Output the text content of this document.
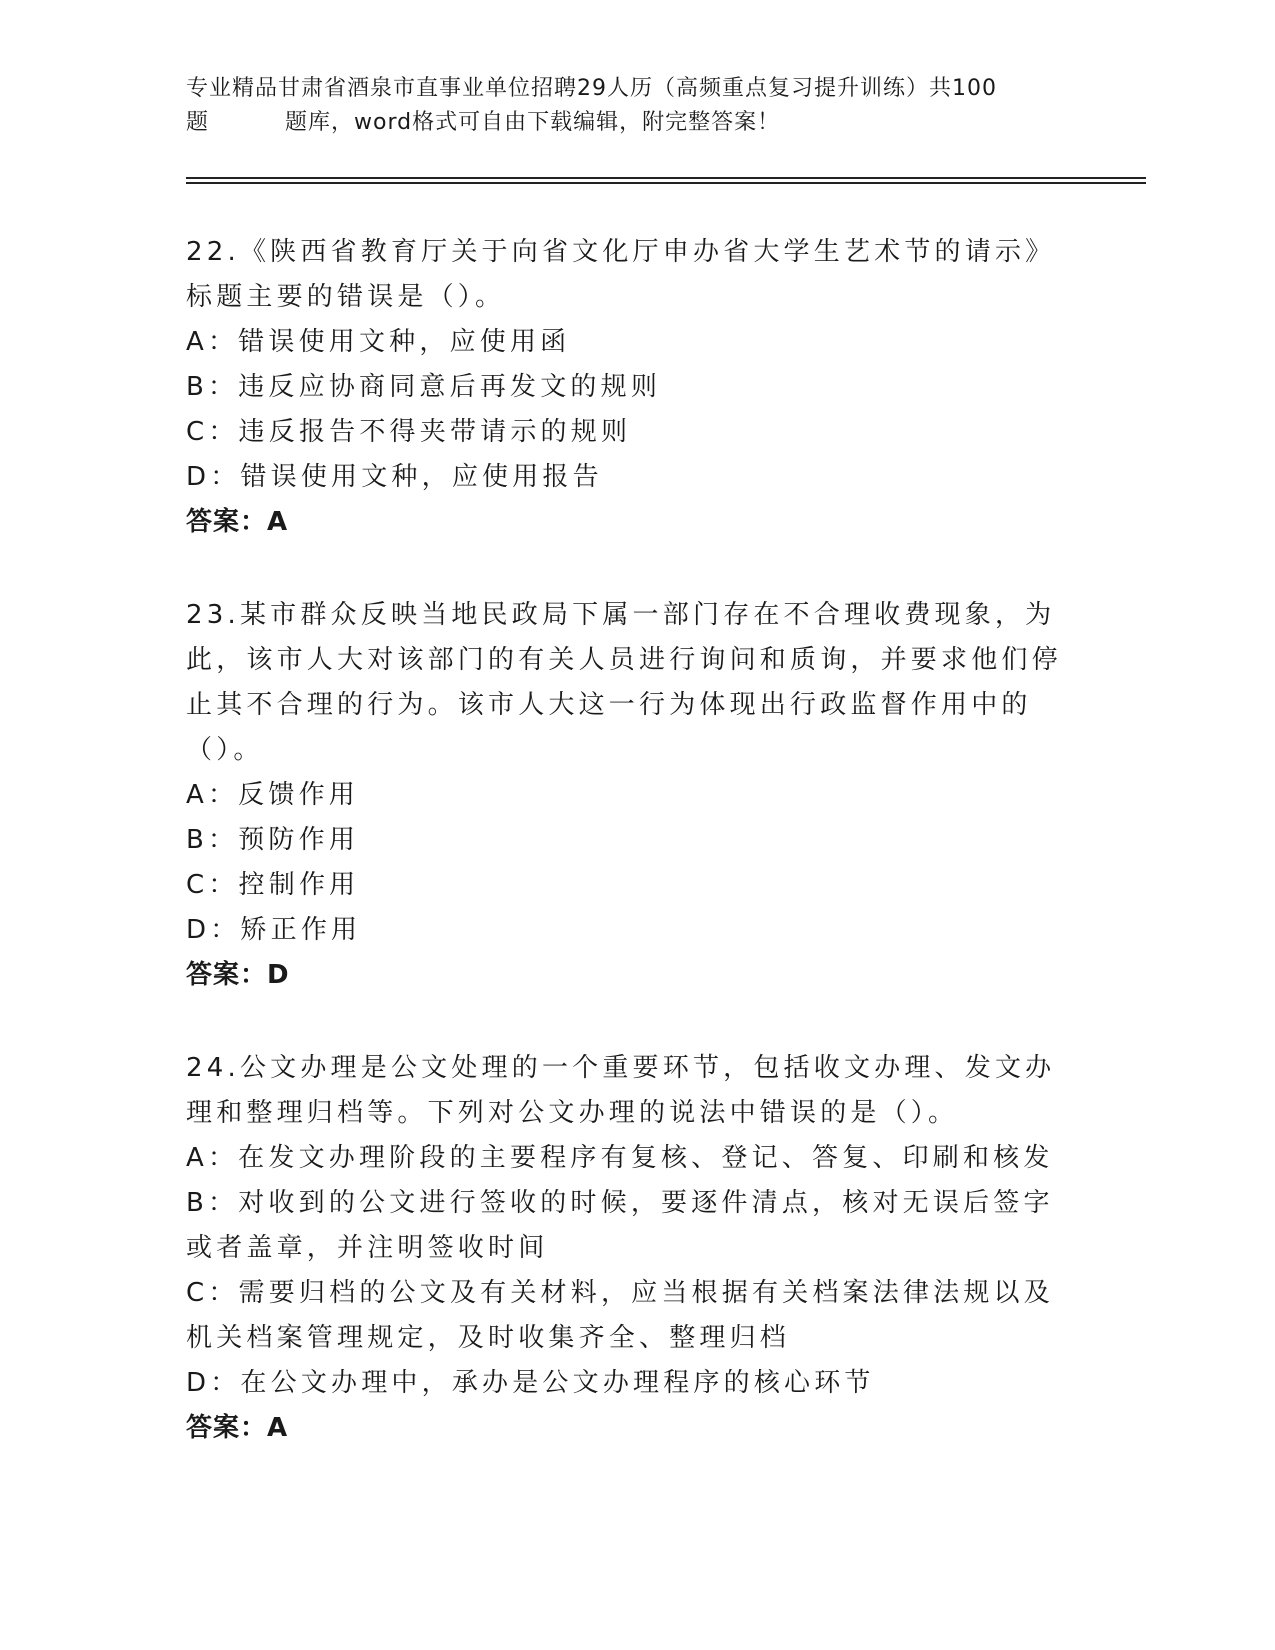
专业精品甘肃省酒泉市直事业单位招聘29人历（高频重点复习提升训练）共100
题	题库，word格式可自由下载编辑，附完整答案！
22.《陕西省教育厅关于向省文化厅申办省大学生艺术节的请示》标题主要的错误是（）。
A：错误使用文种，应使用函
B：违反应协商同意后再发文的规则
C：违反报告不得夹带请示的规则
D：错误使用文种，应使用报告
答案：A
23.某市群众反映当地民政局下属一部门存在不合理收费现象，为此，该市人大对该部门的有关人员进行询问和质询，并要求他们停止其不合理的行为。该市人大这一行为体现出行政监督作用中的（）。
A：反馈作用
B：预防作用
C：控制作用
D：矫正作用
答案：D
24.公文办理是公文处理的一个重要环节，包括收文办理、发文办理和整理归档等。下列对公文办理的说法中错误的是（）。
A：在发文办理阶段的主要程序有复核、登记、答复、印刷和核发
B：对收到的公文进行签收的时候，要逐件清点，核对无误后签字或者盖章，并注明签收时间
C：需要归档的公文及有关材料，应当根据有关档案法律法规以及机关档案管理规定，及时收集齐全、整理归档
D：在公文办理中，承办是公文办理程序的核心环节
答案：A
